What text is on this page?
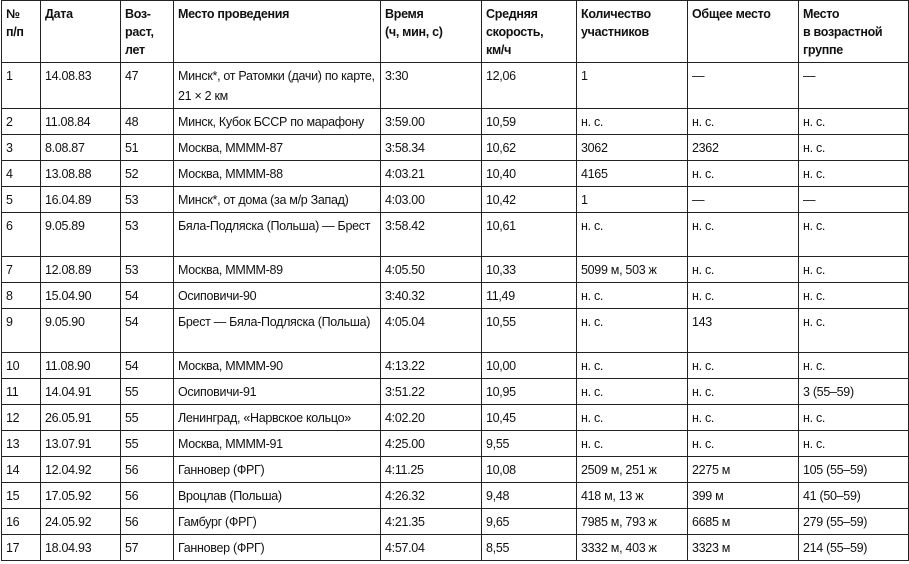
№
п/п	Дата	Воз-
раст,
лет	Место проведения	Время
(ч, мин, с)	Средняя
скорость,
км/ч	Количество
участников	Общее место	Место
в возрастной
группе
1	14.08.83	47	Минск*, от Ратомки (дачи) по карте, 21 × 2 км	3:30	12,06	1	—	—
2	11.08.84	48	Минск, Кубок БССР по марафону	3:59.00	10,59	н. с.	н. с.	н. с.
3	8.08.87	51	Москва, ММММ-87	3:58.34	10,62	3062	2362	н. с.
4	13.08.88	52	Москва, ММММ-88	4:03.21	10,40	4165	н. с.	н. с.
5	16.04.89	53	Минск*, от дома (за м/р Запад)	4:03.00	10,42	1	—	—
6	9.05.89	53	Бяла-Подляска (Польша) — Брест	3:58.42	10,61	н. с.	н. с.	н. с.
7	12.08.89	53	Москва, ММММ-89	4:05.50	10,33	5099 м, 503 ж	н. с.	н. с.
8	15.04.90	54	Осиповичи-90	3:40.32	11,49	н. с.	н. с.	н. с.
9	9.05.90	54	Брест — Бяла-Подляска (Польша)	4:05.04	10,55	н. с.	143	н. с.
10	11.08.90	54	Москва, ММММ-90	4:13.22	10,00	н. с.	н. с.	н. с.
11	14.04.91	55	Осиповичи-91	3:51.22	10,95	н. с.	н. с.	3 (55–59)
12	26.05.91	55	Ленинград, «Нарвское кольцо»	4:02.20	10,45	н. с.	н. с.	н. с.
13	13.07.91	55	Москва, ММММ-91	4:25.00	9,55	н. с.	н. с.	н. с.
14	12.04.92	56	Ганновер (ФРГ)	4:11.25	10,08	2509 м, 251 ж	2275 м	105 (55–59)
15	17.05.92	56	Вроцлав (Польша)	4:26.32	9,48	418 м, 13 ж	399 м	41 (50–59)
16	24.05.92	56	Гамбург (ФРГ)	4:21.35	9,65	7985 м, 793 ж	6685 м	279 (55–59)
17	18.04.93	57	Ганновер (ФРГ)	4:57.04	8,55	3332 м, 403 ж	3323 м	214 (55–59)
